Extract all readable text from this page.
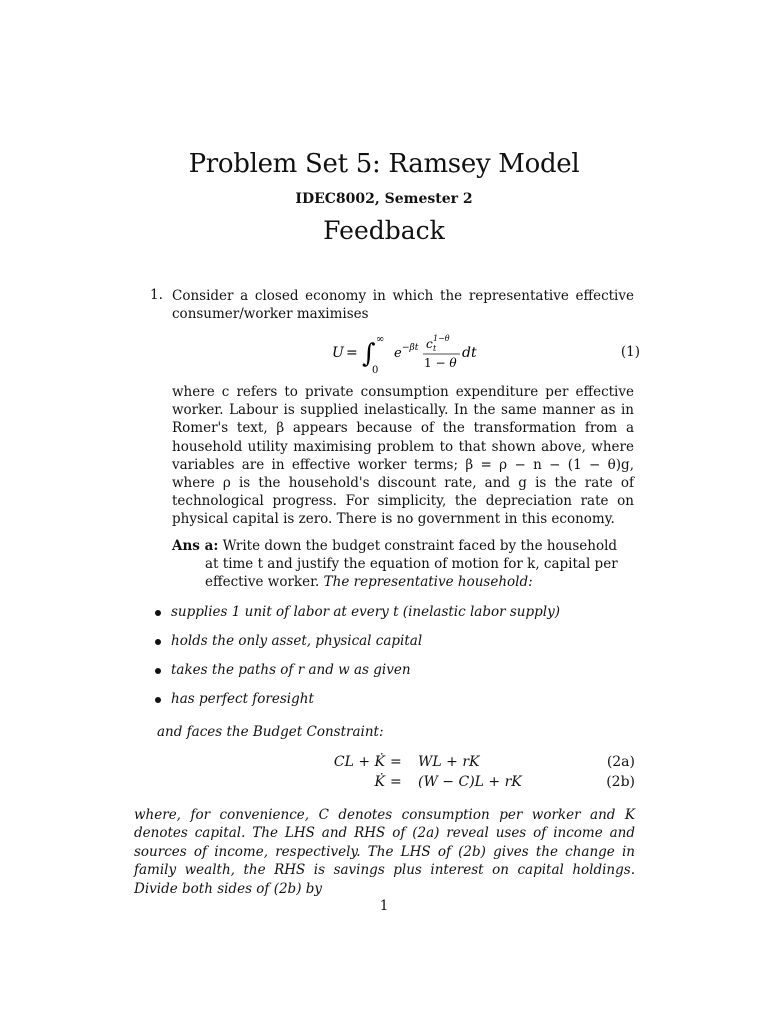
Problem Set 5: Ramsey Model
IDEC8002, Semester 2
Feedback
1. Consider a closed economy in which the representative effective consumer/worker maximises
U = ∫ ∞
0
e −βt c t
1−θ
1 − θ
dt	(1)
where c refers to private consumption expenditure per effective worker. Labour is supplied inelastically. In the same manner as in Romer's text, β appears because of the transformation from a household utility maximising problem to that shown above, where variables are in effective worker terms; β = ρ − n − (1 − θ)g, where ρ is the household's discount rate, and g is the rate of technological progress. For simplicity, the depreciation rate on physical capital is zero. There is no government in this economy.
Ans a: Write down the budget constraint faced by the household at time t and justify the equation of motion for k, capital per effective worker. The representative household:
supplies 1 unit of labor at every t (inelastic labor supply)
holds the only asset, physical capital
takes the paths of r and w as given
has perfect foresight
and faces the Budget Constraint:
CL + K̇ = WL + rK	(2a)
K̇ = (W − C)L + rK	(2b)
where, for convenience, C denotes consumption per worker and K denotes capital. The LHS and RHS of (2a) reveal uses of income and sources of income, respectively. The LHS of (2b) gives the change in family wealth, the RHS is savings plus interest on capital holdings. Divide both sides of (2b) by
1
